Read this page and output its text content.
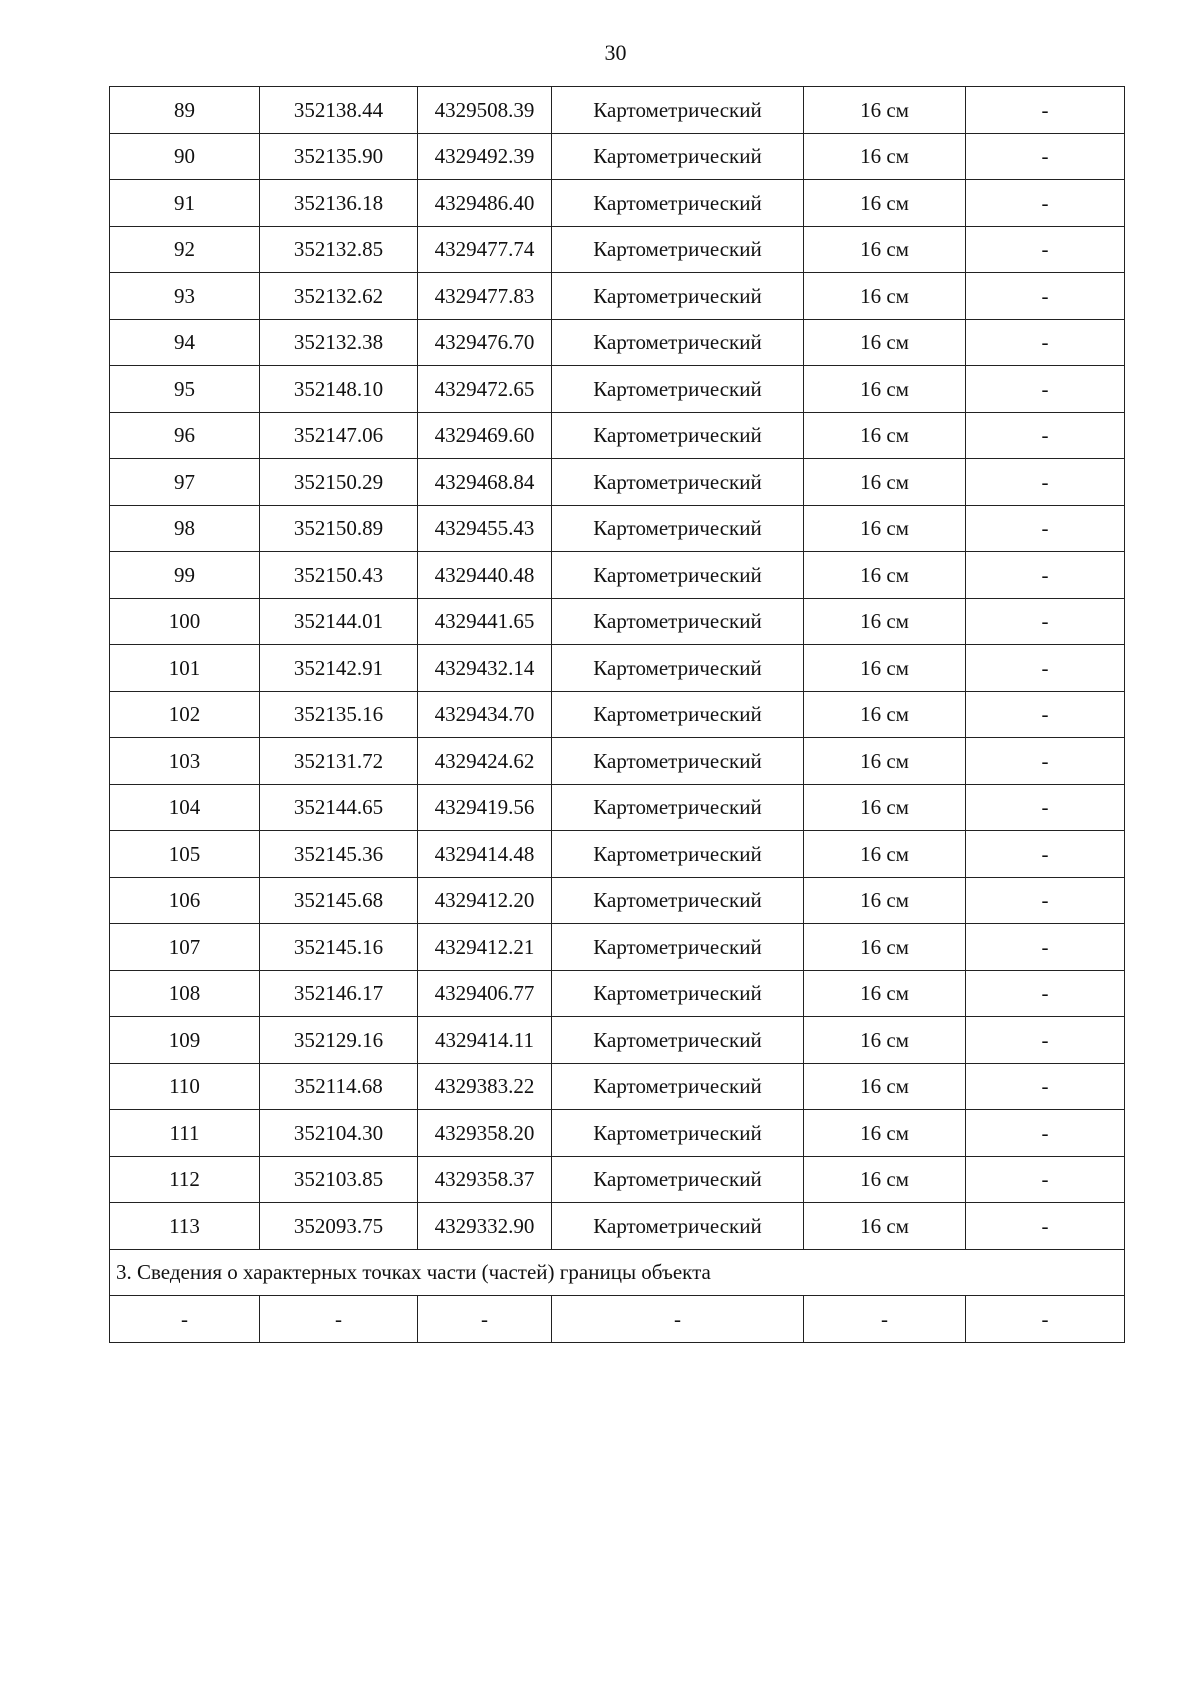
30
89	352138.44	4329508.39	Картометрический	16 см	-
90	352135.90	4329492.39	Картометрический	16 см	-
91	352136.18	4329486.40	Картометрический	16 см	-
92	352132.85	4329477.74	Картометрический	16 см	-
93	352132.62	4329477.83	Картометрический	16 см	-
94	352132.38	4329476.70	Картометрический	16 см	-
95	352148.10	4329472.65	Картометрический	16 см	-
96	352147.06	4329469.60	Картометрический	16 см	-
97	352150.29	4329468.84	Картометрический	16 см	-
98	352150.89	4329455.43	Картометрический	16 см	-
99	352150.43	4329440.48	Картометрический	16 см	-
100	352144.01	4329441.65	Картометрический	16 см	-
101	352142.91	4329432.14	Картометрический	16 см	-
102	352135.16	4329434.70	Картометрический	16 см	-
103	352131.72	4329424.62	Картометрический	16 см	-
104	352144.65	4329419.56	Картометрический	16 см	-
105	352145.36	4329414.48	Картометрический	16 см	-
106	352145.68	4329412.20	Картометрический	16 см	-
107	352145.16	4329412.21	Картометрический	16 см	-
108	352146.17	4329406.77	Картометрический	16 см	-
109	352129.16	4329414.11	Картометрический	16 см	-
110	352114.68	4329383.22	Картометрический	16 см	-
111	352104.30	4329358.20	Картометрический	16 см	-
112	352103.85	4329358.37	Картометрический	16 см	-
113	352093.75	4329332.90	Картометрический	16 см	-
3. Сведения о характерных точках части (частей) границы объекта					
-	-	-	-	-	-
